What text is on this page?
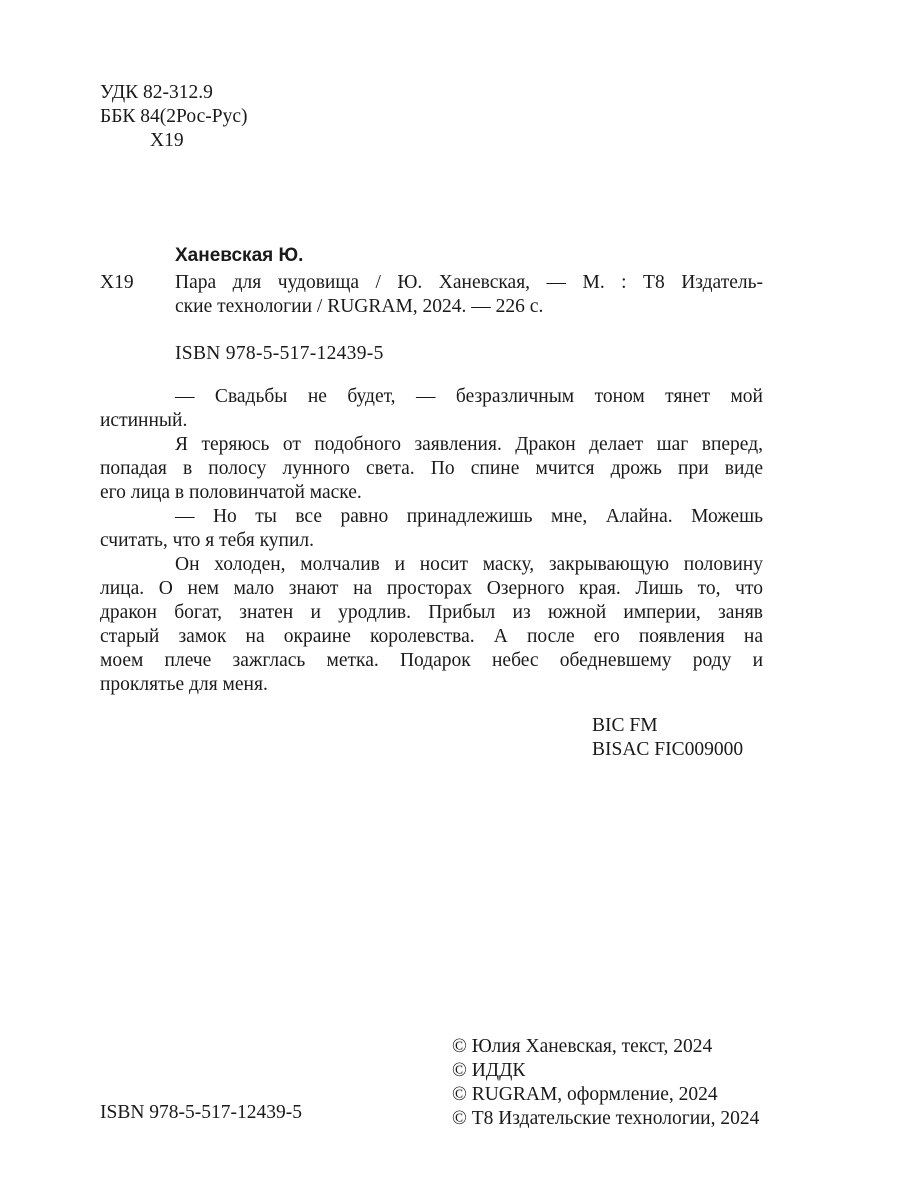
УДК 82-312.9
ББК 84(2Рос-Рус)
Х19
Ханевская Ю.
Х19 Пара для чудовища / Ю. Ханевская, — М. : Т8 Издатель-
ские технологии / RUGRAM, 2024. — 226 с.
ISBN 978-5-517-12439-5
— Свадьбы не будет, — безразличным тоном тянет мой
истинный.
Я теряюсь от подобного заявления. Дракон делает шаг вперед,
попадая в полосу лунного света. По спине мчится дрожь при виде
его лица в половинчатой маске.
— Но ты все равно принадлежишь мне, Алайна. Можешь
считать, что я тебя купил.
Он холоден, молчалив и носит маску, закрывающую половину
лица. О нем мало знают на просторах Озерного края. Лишь то, что
дракон богат, знатен и уродлив. Прибыл из южной империи, заняв
старый замок на окраине королевства. А после его появления на
моем плече зажглась метка. Подарок небес обедневшему роду и
проклятье для меня.
BIC FM
BISAC FIC009000
© Юлия Ханевская, текст, 2024
© ИДДК
© RUGRAM, оформление, 2024
© Т8 Издательские технологии, 2024
ISBN 978-5-517-12439-5
